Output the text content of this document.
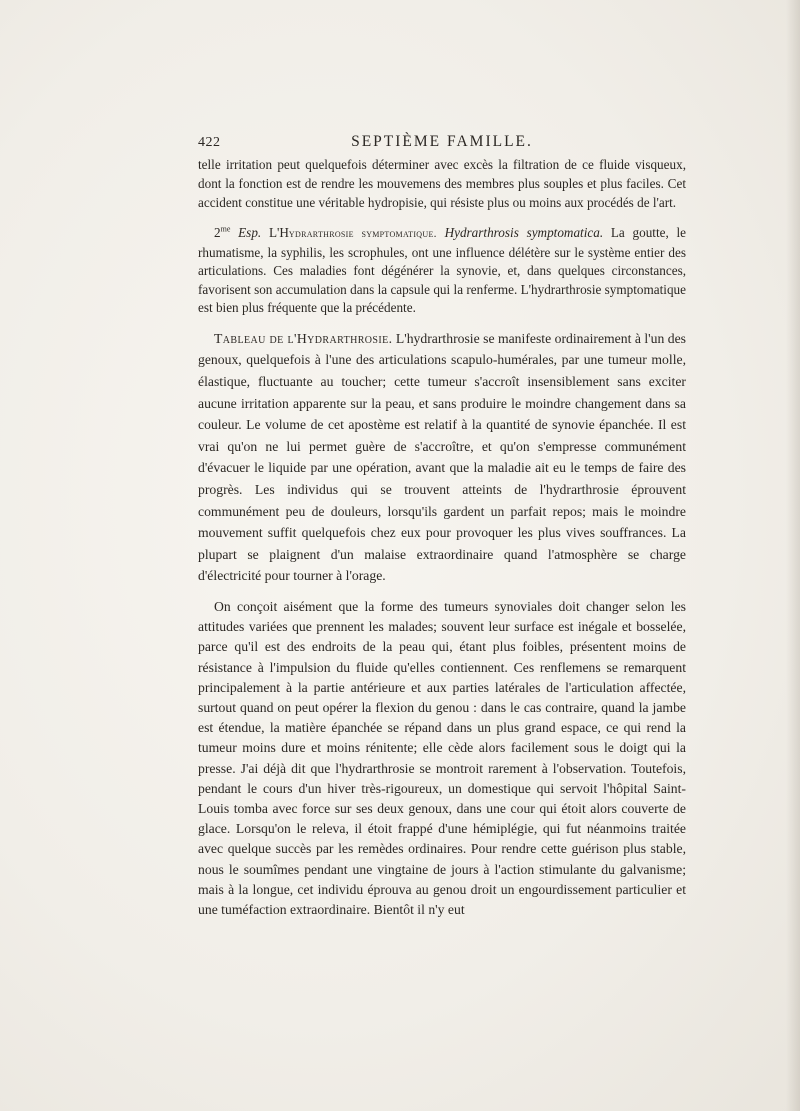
422	SEPTIÈME FAMILLE.

telle irritation peut quelquefois déterminer avec excès la filtration de ce fluide visqueux, dont la fonction est de rendre les mouvemens des membres plus souples et plus faciles. Cet accident constitue une véritable hydropisie, qui résiste plus ou moins aux procédés de l'art.

$2^{me}$ Esp. L'Hydrarthrosie symptomatique. Hydrarthrosis symptomatica. La goutte, le rhumatisme, la syphilis, les scrophules, ont une influence délétère sur le système entier des articulations. Ces maladies font dégénérer la synovie, et, dans quelques circonstances, favorisent son accumulation dans la capsule qui la renferme. L'hydrarthrosie symptomatique est bien plus fréquente que la précédente.

Tableau de l'Hydrarthrosie. L'hydrarthrosie se manifeste ordinairement à l'un des genoux, quelquefois à l'une des articulations scapulo-humérales, par une tumeur molle, élastique, fluctuante au toucher; cette tumeur s'accroît insensiblement sans exciter aucune irritation apparente sur la peau, et sans produire le moindre changement dans sa couleur. Le volume de cet apostème est relatif à la quantité de synovie épanchée. Il est vrai qu'on ne lui permet guère de s'accroître, et qu'on s'empresse communément d'évacuer le liquide par une opération, avant que la maladie ait eu le temps de faire des progrès. Les individus qui se trouvent atteints de l'hydrarthrosie éprouvent communément peu de douleurs, lorsqu'ils gardent un parfait repos; mais le moindre mouvement suffit quelquefois chez eux pour provoquer les plus vives souffrances. La plupart se plaignent d'un malaise extraordinaire quand l'atmosphère se charge d'électricité pour tourner à l'orage.

On conçoit aisément que la forme des tumeurs synoviales doit changer selon les attitudes variées que prennent les malades; souvent leur surface est inégale et bosselée, parce qu'il est des endroits de la peau qui, étant plus foibles, présentent moins de résistance à l'impulsion du fluide qu'elles contiennent. Ces renflemens se remarquent principalement à la partie antérieure et aux parties latérales de l'articulation affectée, surtout quand on peut opérer la flexion du genou : dans le cas contraire, quand la jambe est étendue, la matière épanchée se répand dans un plus grand espace, ce qui rend la tumeur moins dure et moins rénitente; elle cède alors facilement sous le doigt qui la presse. J'ai déjà dit que l'hydrarthrosie se montroit rarement à l'observation. Toutefois, pendant le cours d'un hiver très-rigoureux, un domestique qui servoit l'hôpital Saint-Louis tomba avec force sur ses deux genoux, dans une cour qui étoit alors couverte de glace. Lorsqu'on le releva, il étoit frappé d'une hémiplégie, qui fut néanmoins traitée avec quelque succès par les remèdes ordinaires. Pour rendre cette guérison plus stable, nous le soumîmes pendant une vingtaine de jours à l'action stimulante du galvanisme; mais à la longue, cet individu éprouva au genou droit un engourdissement particulier et une tuméfaction extraordinaire. Bientôt il n'y eut
